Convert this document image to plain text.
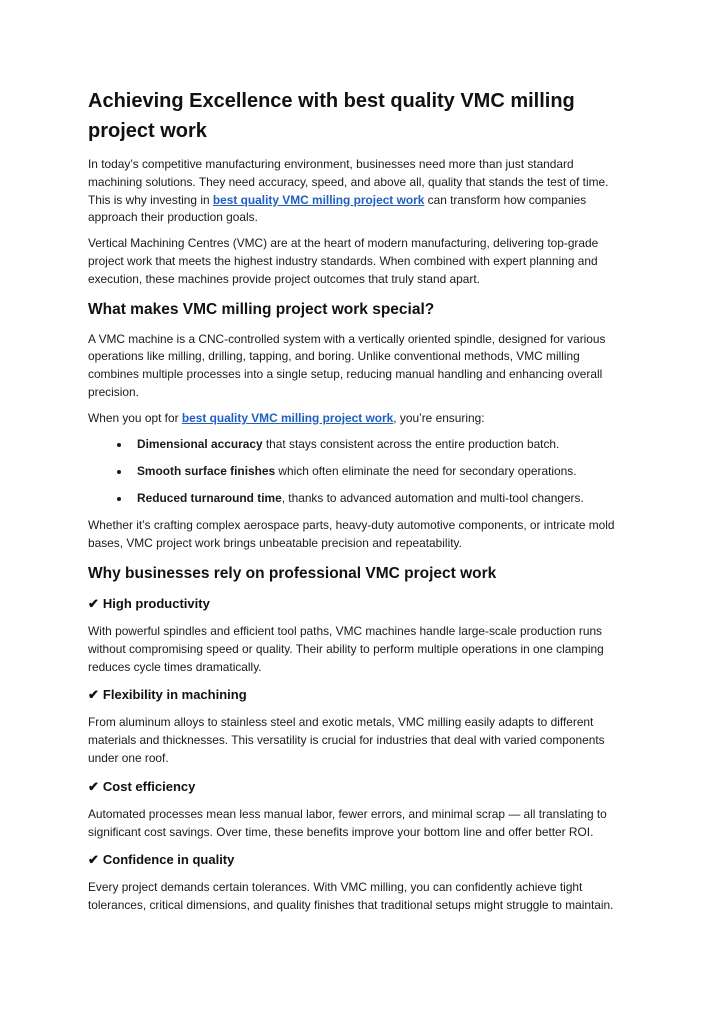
Achieving Excellence with best quality VMC milling project work

In today’s competitive manufacturing environment, businesses need more than just standard machining solutions. They need accuracy, speed, and above all, quality that stands the test of time. This is why investing in best quality VMC milling project work can transform how companies approach their production goals.

Vertical Machining Centres (VMC) are at the heart of modern manufacturing, delivering top-grade project work that meets the highest industry standards. When combined with expert planning and execution, these machines provide project outcomes that truly stand apart.

What makes VMC milling project work special?

A VMC machine is a CNC-controlled system with a vertically oriented spindle, designed for various operations like milling, drilling, tapping, and boring. Unlike conventional methods, VMC milling combines multiple processes into a single setup, reducing manual handling and enhancing overall precision.

When you opt for best quality VMC milling project work, you’re ensuring:

• Dimensional accuracy that stays consistent across the entire production batch.
• Smooth surface finishes which often eliminate the need for secondary operations.
• Reduced turnaround time, thanks to advanced automation and multi-tool changers.

Whether it’s crafting complex aerospace parts, heavy-duty automotive components, or intricate mold bases, VMC project work brings unbeatable precision and repeatability.

Why businesses rely on professional VMC project work
✔ High productivity

With powerful spindles and efficient tool paths, VMC machines handle large-scale production runs without compromising speed or quality. Their ability to perform multiple operations in one clamping reduces cycle times dramatically.

✔ Flexibility in machining

From aluminum alloys to stainless steel and exotic metals, VMC milling easily adapts to different materials and thicknesses. This versatility is crucial for industries that deal with varied components under one roof.

✔ Cost efficiency

Automated processes mean less manual labor, fewer errors, and minimal scrap — all translating to significant cost savings. Over time, these benefits improve your bottom line and offer better ROI.

✔ Confidence in quality

Every project demands certain tolerances. With VMC milling, you can confidently achieve tight tolerances, critical dimensions, and quality finishes that traditional setups might struggle to maintain.
